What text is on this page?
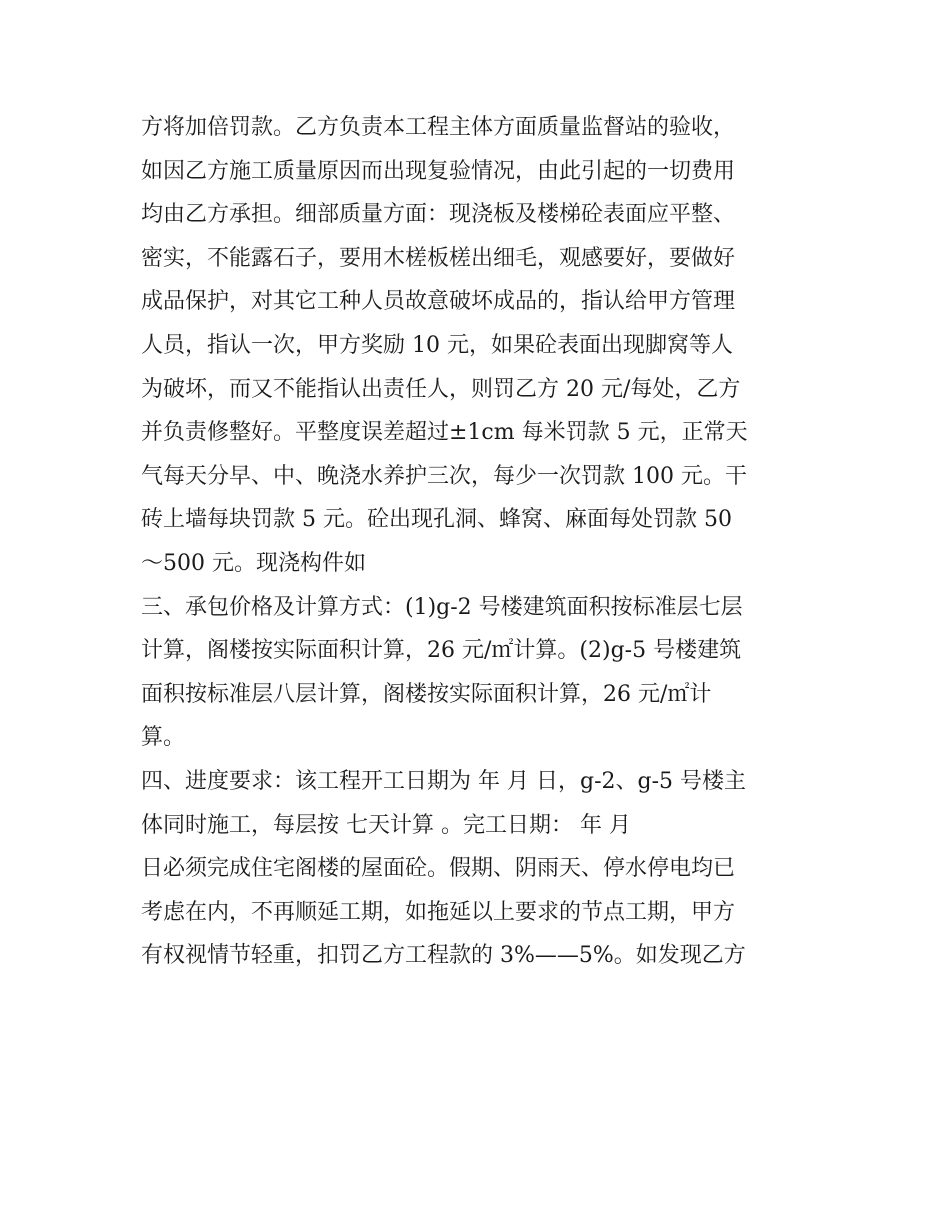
方将加倍罚款。乙方负责本工程主体方面质量监督站的验收，
如因乙方施工质量原因而出现复验情况，由此引起的一切费用
均由乙方承担。细部质量方面：现浇板及楼梯砼表面应平整、
密实，不能露石子，要用木槎板槎出细毛，观感要好，要做好
成品保护，对其它工种人员故意破坏成品的，指认给甲方管理
人员，指认一次，甲方奖励 10 元，如果砼表面出现脚窝等人
为破坏，而又不能指认出责任人，则罚乙方 20 元/每处，乙方
并负责修整好。平整度误差超过±1cm 每米罚款 5 元，正常天
气每天分早、中、晚浇水养护三次，每少一次罚款 100 元。干
砖上墙每块罚款 5 元。砼出现孔洞、蜂窝、麻面每处罚款 50
～500 元。现浇构件如
三、承包价格及计算方式：(1)g-2 号楼建筑面积按标准层七层
计算，阁楼按实际面积计算，26 元/㎡计算。(2)g-5 号楼建筑
面积按标准层八层计算，阁楼按实际面积计算，26 元/㎡计
算。
四、进度要求：该工程开工日期为 年 月 日，g-2、g-5 号楼主
体同时施工，每层按 七天计算 。完工日期： 年 月
日必须完成住宅阁楼的屋面砼。假期、阴雨天、停水停电均已
考虑在内，不再顺延工期，如拖延以上要求的节点工期，甲方
有权视情节轻重，扣罚乙方工程款的 3%——5%。如发现乙方
